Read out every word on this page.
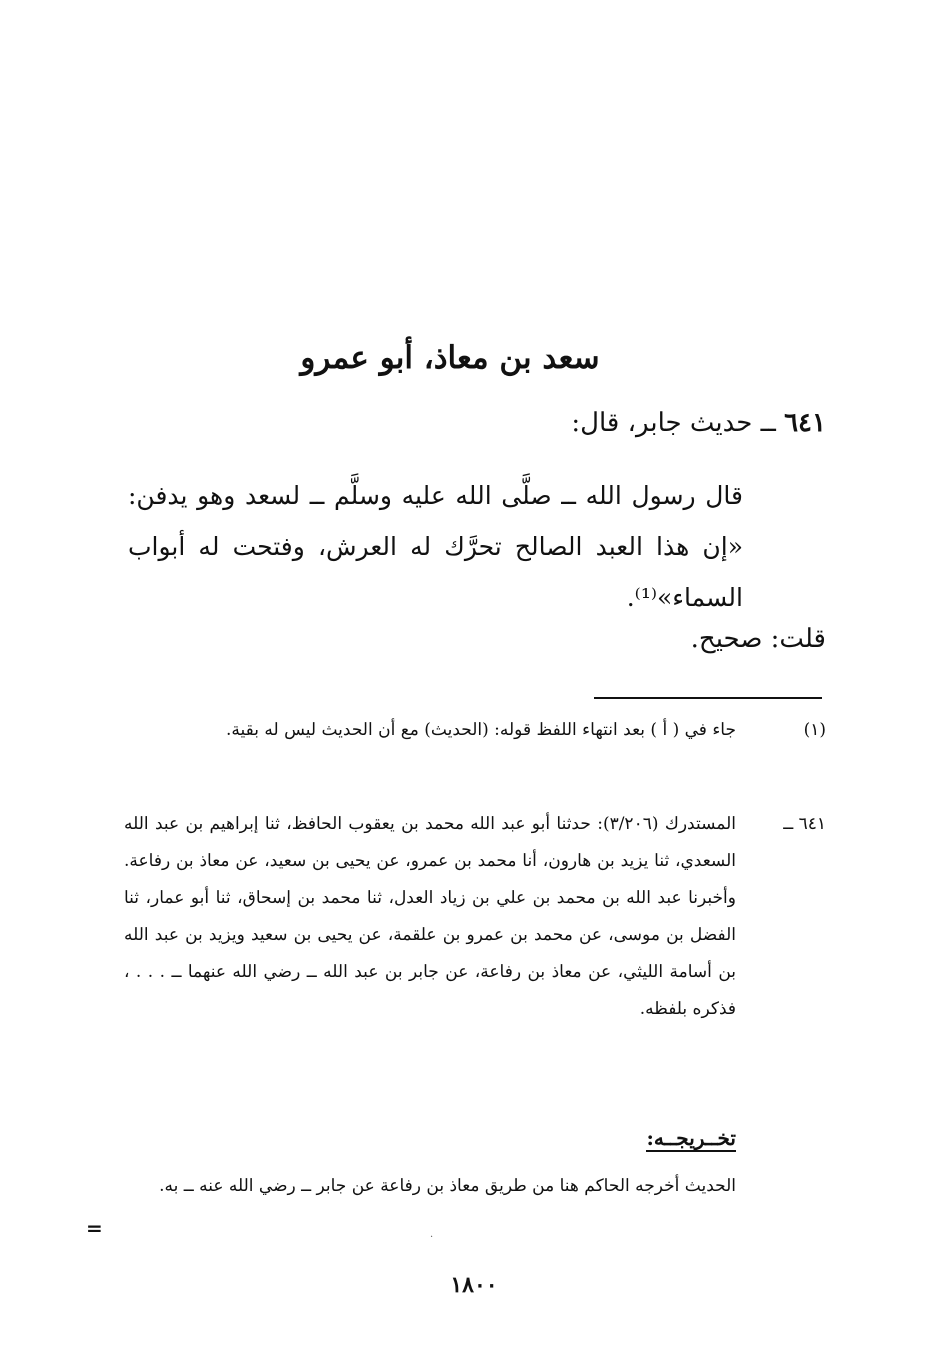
سعد بن معاذ، أبو عمرو
٦٤١ ــ حديث جابر، قال:
قال رسول الله ــ صلَّى الله عليه وسلَّم ــ لسعد وهو يدفن: «إن هذا العبد الصالح تحرَّك له العرش، وفتحت له أبواب السماء»⁽¹⁾.
قلت: صحيح.
(١)
جاء في ( أ ) بعد انتهاء اللفظ قوله: (الحديث) مع أن الحديث ليس له بقية.
٦٤١ ــ
المستدرك (٣/٢٠٦): حدثنا أبو عبد الله محمد بن يعقوب الحافظ، ثنا إبراهيم بن عبد الله السعدي، ثنا يزيد بن هارون، أنا محمد بن عمرو، عن يحيى بن سعيد، عن معاذ بن رفاعة. وأخبرنا عبد الله بن محمد بن علي بن زياد العدل، ثنا محمد بن إسحاق، ثنا أبو عمار، ثنا الفضل بن موسى، عن محمد بن عمرو بن علقمة، عن يحيى بن سعيد ويزيد بن عبد الله بن أسامة الليثي، عن معاذ بن رفاعة، عن جابر بن عبد الله ــ رضي الله عنهما ــ . . . ، فذكره بلفظه.
تخــريجــه:
الحديث أخرجه الحاكم هنا من طريق معاذ بن رفاعة عن جابر ــ رضي الله عنه ــ به.
=	·
١٨٠٠
